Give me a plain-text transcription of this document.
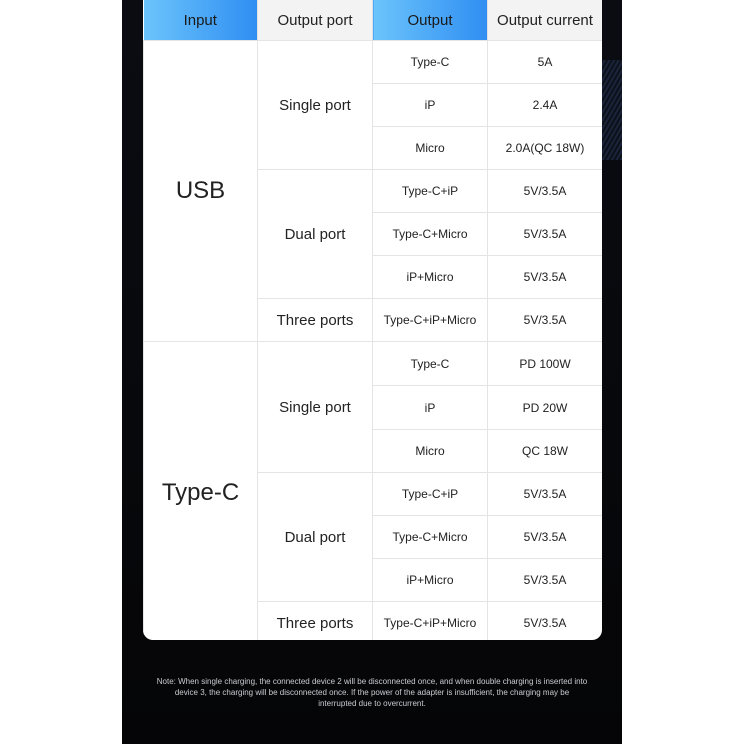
Input	Output port	Output	Output current
USB	Single port	Type-C	5A
		iP	2.4A
		Micro	2.0A(QC 18W)
	Dual port	Type-C+iP	5V/3.5A
		Type-C+Micro	5V/3.5A
		iP+Micro	5V/3.5A
	Three ports	Type-C+iP+Micro	5V/3.5A
Type-C	Single port	Type-C	PD 100W
		iP	PD 20W
		Micro	QC 18W
	Dual port	Type-C+iP	5V/3.5A
		Type-C+Micro	5V/3.5A
		iP+Micro	5V/3.5A
	Three ports	Type-C+iP+Micro	5V/3.5A
Note: When single charging, the connected device 2 will be disconnected once, and when double charging is inserted into device 3, the charging will be disconnected once. If the power of the adapter is insufficient, the charging may be interrupted due to overcurrent.
